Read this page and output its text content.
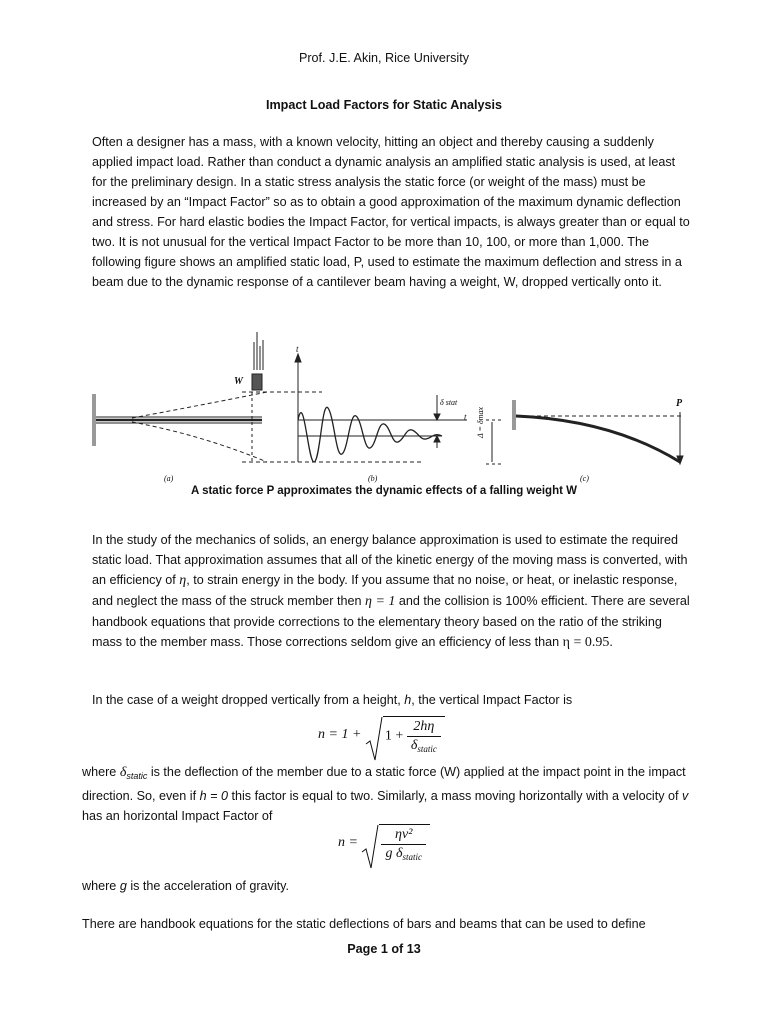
Prof. J.E. Akin, Rice University
Impact Load Factors for Static Analysis

Often a designer has a mass, with a known velocity, hitting an object and thereby causing a suddenly applied impact load. Rather than conduct a dynamic analysis an amplified static analysis is used, at least for the preliminary design. In a static stress analysis the static force (or weight of the mass) must be increased by an “Impact Factor” so as to obtain a good approximation of the maximum dynamic deflection and stress. For hard elastic bodies the Impact Factor, for vertical impacts, is always greater than or equal to two. It is not unusual for the vertical Impact Factor to be more than 10, 100, or more than 1,000. The following figure shows an amplified static load, P, used to estimate the maximum deflection and stress in a beam due to the dynamic response of a cantilever beam having a weight, W, dropped vertically onto it.

W
t
t
δ stat
Δ = δmax
P
(a)	(b)	(c)
A static force P approximates the dynamic effects of a falling weight W

In the study of the mechanics of solids, an energy balance approximation is used to estimate the required static load. That approximation assumes that all of the kinetic energy of the moving mass is converted, with an efficiency of η, to strain energy in the body. If you assume that no noise, or heat, or inelastic response, and neglect the mass of the struck member then η = 1 and the collision is 100% efficient. There are several handbook equations that provide corrections to the elementary theory based on the ratio of the striking mass to the member mass. Those corrections seldom give an efficiency of less than η = 0.95.

In the case of a weight dropped vertically from a height, h, the vertical Impact Factor is

$n = 1 + 1 + \frac{2h\eta}{\delta_{static}}$

where $\delta_{static}$ is the deflection of the member due to a static force (W) applied at the impact point in the impact direction. So, even if h = 0 this factor is equal to two. Similarly, a mass moving horizontally with a velocity of v has an horizontal Impact Factor of

$n = \frac{\text{ηv²}}{g \delta_{static}}$

where g is the acceleration of gravity.

There are handbook equations for the static deflections of bars and beams that can be used to define

Page 1 of 13
